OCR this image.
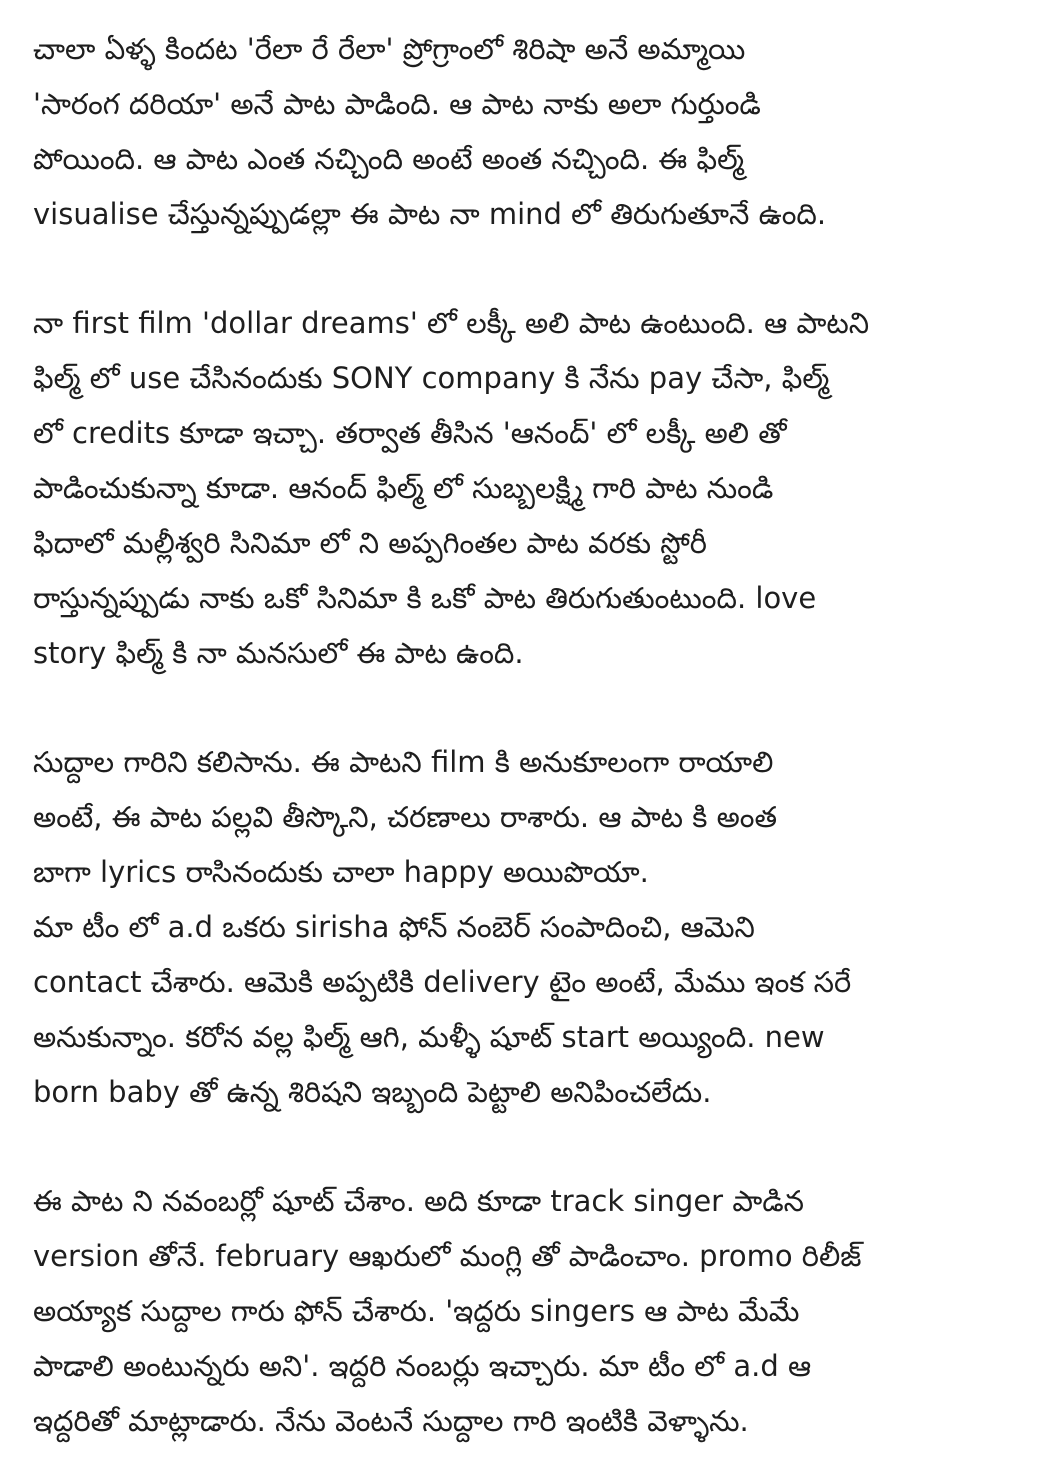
చాలా ఏళ్ళ కిందట 'రేలా రే రేలా' ప్రోగ్రాంలో శిరిషా అనే అమ్మాయి
'సారంగ దరియా' అనే పాట పాడింది. ఆ పాట నాకు అలా గుర్తుండి
పోయింది. ఆ పాట ఎంత నచ్చింది అంటే అంత నచ్చింది. ఈ ఫిల్మ్
visualise చేస్తున్నప్పుడల్లా ఈ పాట నా mind లో తిరుగుతూనే ఉంది.
నా first film 'dollar dreams' లో లక్కీ అలి పాట ఉంటుంది. ఆ పాటని
ఫిల్మ్ లో use చేసినందుకు SONY company కి నేను pay చేసా, ఫిల్మ్
లో credits కూడా ఇచ్చా. తర్వాత తీసిన 'ఆనంద్' లో లక్కీ అలి తో
పాడించుకున్నా కూడా. ఆనంద్ ఫిల్మ్ లో సుబ్బలక్ష్మి గారి పాట నుండి
ఫిదాలో మల్లీశ్వరి సినిమా లో ని అప్పగింతల పాట వరకు స్టోరీ
రాస్తున్నప్పుడు నాకు ఒకో సినిమా కి ఒకో పాట తిరుగుతుంటుంది. love
story ఫిల్మ్ కి నా మనసులో ఈ పాట ఉంది.
సుద్దాల గారిని కలిసాను. ఈ పాటని film కి అనుకూలంగా రాయాలి
అంటే, ఈ పాట పల్లవి తీస్కొని, చరణాలు రాశారు. ఆ పాట కి అంత
బాగా lyrics రాసినందుకు చాలా happy అయిపొయా.
మా టీం లో a.d ఒకరు sirisha ఫోన్ నంబెర్ సంపాదించి, ఆమెని
contact చేశారు. ఆమెకి అప్పటికి delivery టైం అంటే, మేము ఇంక సరే
అనుకున్నాం. కరోన వల్ల ఫిల్మ్ ఆగి, మళ్ళీ షూట్ start అయ్యింది. new
born baby తో ఉన్న శిరిషని ఇబ్బంది పెట్టాలి అనిపించలేదు.
ఈ పాట ని నవంబర్లో షూట్ చేశాం. అది కూడా track singer పాడిన
version తోనే. february ఆఖరులో మంగ్లి తో పాడించాం. promo రిలీజ్
అయ్యాక సుద్దాల గారు ఫోన్ చేశారు. 'ఇద్దరు singers ఆ పాట మేమే
పాడాలి అంటున్నరు అని'. ఇద్దరి నంబర్లు ఇచ్చారు. మా టీం లో a.d ఆ
ఇద్దరితో మాట్లాడారు. నేను వెంటనే సుద్దాల గారి ఇంటికి వెళ్ళాను.
